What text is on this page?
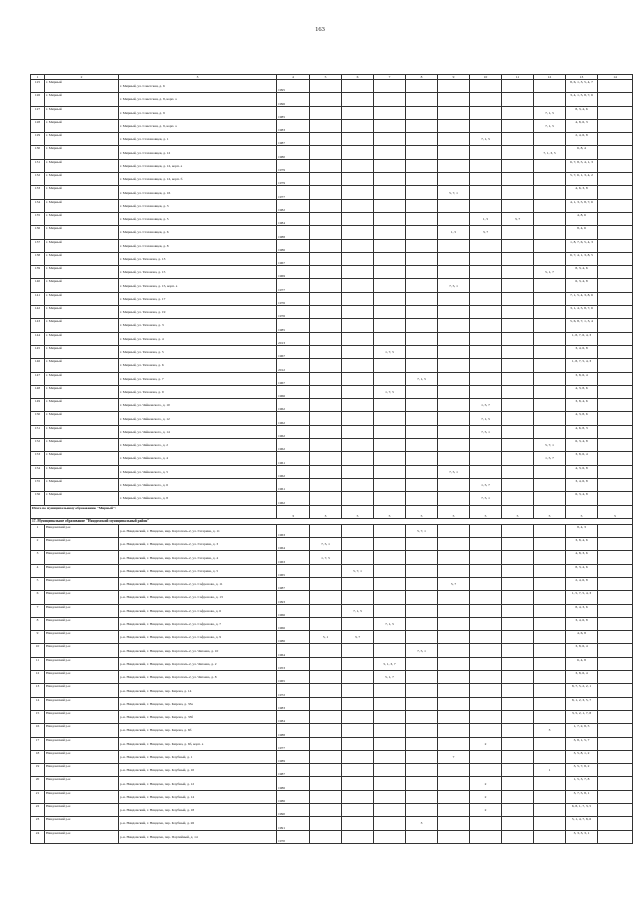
163
1	2	3	4	5	6	7	8	9	10	11	12	13	14
125	г. Мирный	г. Мирный, ул. Советская, д. 6	1995									8, 6, 1, 3, 5, 4, 7	
126	г. Мирный	г. Мирный, ул. Советская, д. 8, корп. а	1996									3, 4, 1, 5, 8, 7, 6	
127	г. Мирный	г. Мирный, ул. Советская, д. 9	1985								7, 1, 5	8, 3, 4, 6	
128	г. Мирный	г. Мирный, ул. Советская, д. 9, корп. а	1983								7, 1, 5	4, 8, 6, 3	
129	г. Мирный	г. Мирный, ул. Стахановцев, д. 1	1987						7, 1, 5			2, 4, 6, 8	
130	г. Мирный	г. Мирный, ул. Стахановцев, д. 12	1980								7, 1, 3, 5	6, 8, 4	
131	г. Мирный	г. Мирный, ул. Стахановцев, д. 12, корп. а	1979									6, 7, 8, 5, 4, 1, 3	
132	г. Мирный	г. Мирный, ул. Стахановцев, д. 12, корп. б	1979									5, 7, 6, 1, 3, 4, 2	
133	г. Мирный	г. Мирный, ул. Стахановцев, д. 16	1977					5, 7, 1				4, 6, 3, 8	
134	г. Мирный	г. Мирный, ул. Стахановцев, д. 3	1982									4, 1, 3, 5, 8, 7, 6	
135	г. Мирный	г. Мирный, ул. Стахановцев, д. 5	1984						1, 5	3, 7		4, 8, 6	
136	г. Мирный	г. Мирный, ул. Стахановцев, д. 6	1988					1, 5	3, 7			8, 4, 6	
137	г. Мирный	г. Мирный, ул. Стахановцев, д. 8	1986									1, 8, 7, 6, 5, 4, 3	
138	г. Мирный	г. Мирный, ул. Тихонова, д. 13	1967									6, 7, 4, 1, 3, 8, 5	
139	г. Мирный	г. Мирный, ул. Тихонова, д. 15	1969								5, 1, 7	8, 3, 4, 6	
140	г. Мирный	г. Мирный, ул. Тихонова, д. 15, корп. а	1977					7, 5, 1				6, 3, 4, 8	
141	г. Мирный	г. Мирный, ул. Тихонова, д. 17	1976									7, 1, 5, 4, 3, 8, 6	
142	г. Мирный	г. Мирный, ул. Тихонова, д. 19	1976									3, 1, 4, 5, 8, 7, 6	
143	г. Мирный	г. Мирный, ул. Тихонова, д. 3	1985									5, 6, 8, 7, 1, 3, 4	
144	г. Мирный	г. Мирный, ул. Тихонова, д. 4	2013									1, 8, 7, 6, 4, 3	
145	г. Мирный	г. Мирный, ул. Тихонова, д. 5	1967			1, 7, 5						3, 4, 6, 8	
146	г. Мирный	г. Мирный, ул. Тихонова, д. 6	2012									1, 8, 7, 5, 4, 3	
147	г. Мирный	г. Мирный, ул. Тихонова, д. 7	1967				7, 1, 5					3, 8, 6, 4	
148	г. Мирный	г. Мирный, ул. Тихонова, д. 9	1966			1, 7, 5						4, 3, 8, 6	
149	г. Мирный	г. Мирный, ул. Чайковского, д. 10	1962						1, 5, 7			3, 8, 4, 6	
150	г. Мирный	г. Мирный, ул. Чайковского, д. 12	1962						7, 1, 5			4, 3, 8, 6	
151	г. Мирный	г. Мирный, ул. Чайковского, д. 14	1962						7, 5, 1			4, 6, 8, 3	
152	г. Мирный	г. Мирный, ул. Чайковского, д. 2	1962								5, 7, 1	6, 3, 4, 8	
153	г. Мирный	г. Мирный, ул. Чайковского, д. 4	1961								1, 5, 7	3, 8, 6, 4	
154	г. Мирный	г. Мирный, ул. Чайковского, д. 5	1962					7, 5, 1				4, 3, 6, 8	
155	г. Мирный	г. Мирный, ул. Чайковского, д. 6	1961						1, 5, 7			3, 4, 6, 8	
156	г. Мирный	г. Мирный, ул. Чайковского, д. 8	1962						7, 5, 1			6, 3, 4, 8	
Итого по муниципальному образованию "Мирный":			3	3	5	5	5	5	5	5	5	5	5
17. Муниципальное образование "Няндомский муниципальный район"													
1	Няндомский р-н	р-н. Няндомский, г. Няндома, мкр. Каргополь-2, ул. Гагарина, д. 11	1963				5, 7, 1					8, 4, 3	
2	Няндомский р-н	р-н. Няндомский, г. Няндома, мкр. Каргополь-2, ул. Гагарина, д. 3	1964	7, 5, 1								3, 8, 4, 6	
3	Няндомский р-н	р-н. Няндомский, г. Няндома, мкр. Каргополь-2, ул. Гагарина, д. 4	1963	1, 7, 5								4, 8, 3, 6	
4	Няндомский р-н	р-н. Няндомский, г. Няндома, мкр. Каргополь-2, ул. Гагарина, д. 5	1965		5, 7, 1							8, 3, 4, 6	
5	Няндомский р-н	р-н. Няндомский, г. Няндома, мкр. Каргополь-2, ул. Сафронова, д. 11	1987					5, 7				2, 4, 6, 8	
6	Няндомский р-н	р-н. Няндомский, г. Няндома, мкр. Каргополь-2, ул. Сафронова, д. 13	1993									1, 5, 7, 5, 4, 3	
7	Няндомский р-н	р-н. Няндомский, г. Няндома, мкр. Каргополь-2, ул. Сафронова, д. 6	1966		7, 1, 5							8, 4, 3, 6	
8	Няндомский р-н	р-н. Няндомский, г. Няндома, мкр. Каргополь-2, ул. Сафронова, д. 7	1966			7, 1, 5						3, 4, 6, 8	
9	Няндомский р-н	р-н. Няндомский, г. Няндома, мкр. Каргополь-2, ул. Сафронова, д. 9	1986	5, 1	3, 7							4, 6, 8	
10	Няндомский р-н	р-н. Няндомский, г. Няндома, мкр. Каргополь-2, ул. Чапаева, д. 10	1964				7, 5, 1					3, 8, 6, 4	
11	Няндомский р-н	р-н. Няндомский, г. Няндома, мкр. Каргополь-2, ул. Чапаева, д. 2	1953			5, 1, 3, 7						6, 4, 8	
12	Няндомский р-н	р-н. Няндомский, г. Няндома, мкр. Каргополь-2, ул. Чапаева, д. 8	1965			5, 1, 7						3, 8, 6, 4	
13	Няндомский р-н	р-н. Няндомский, г. Няндома, пер. Кирова, д. 14	1972									8, 7, 5, 2, 2, 1	
14	Няндомский р-н	р-н. Няндомский, г. Няндома, пер. Кирова, д. 33а	1983									8, 1, 2, 3, 5, 7	
15	Няндомский р-н	р-н. Няндомский, г. Няндома, пер. Кирова, д. 33б	1984									3, 5, 2, 1, 7, 8	
16	Няндомский р-н	р-н. Няндомский, г. Няндома, пер. Кирова, д. 6б	1988								3	1, 7, 2, 8, 5	
17	Няндомский р-н	р-н. Няндомский, г. Няндома, пер. Кирова, д. 6б, корп. а	1977						2			3, 8, 1, 5, 7	
18	Няндомский р-н	р-н. Няндомский, г. Няндома, пер. Клубный, д. 1	1989					7				3, 5, 8, 1, 2	
19	Няндомский р-н	р-н. Няндомский, г. Няндома, пер. Клубный, д. 10	1987								1	3, 5, 7, 8, 2	
20	Няндомский р-н	р-н. Няндомский, г. Няндома, пер. Клубный, д. 12	1986						2			1, 5, 3, 7, 8	
21	Няндомский р-н	р-н. Няндомский, г. Няндома, пер. Клубный, д. 14	1986						2			3, 7, 5, 8, 1	
22	Няндомский р-н	р-н. Няндомский, г. Няндома, пер. Клубный, д. 18	1990						2			6, 8, 1, 7, 3, 5	
23	Няндомский р-н	р-н. Няндомский, г. Няндома, пер. Клубный, д. 26	1991				3					5, 1, 4, 7, 8, 6	
24	Няндомский р-н	р-н. Няндомский, г. Няндома, пер. Партийный, д. 14	1970									3, 3, 3, 3, 1	
